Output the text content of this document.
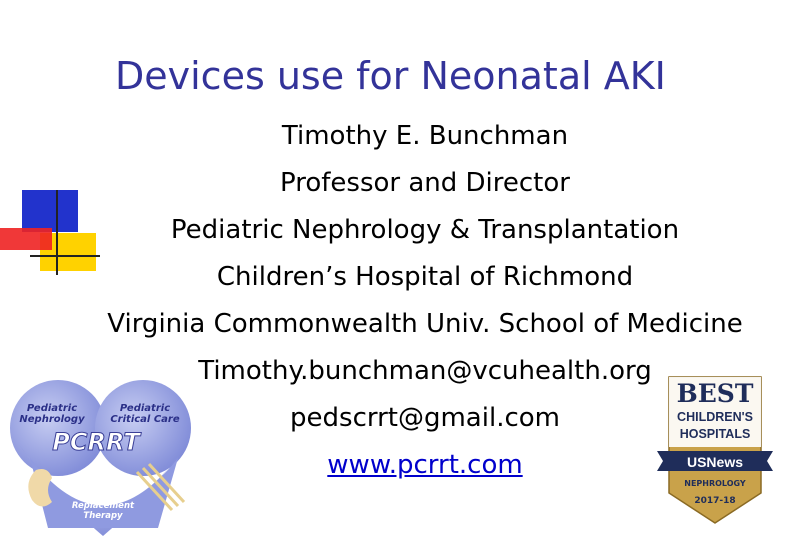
Devices use for Neonatal AKI
Timothy E. Bunchman
Professor and Director
Pediatric Nephrology & Transplantation
Children’s Hospital of Richmond
Virginia Commonwealth Univ. School of Medicine
Timothy.bunchman@vcuhealth.org
pedscrrt@gmail.com
www.pcrrt.com
Pediatric
Nephrology
Pediatric
Critical Care
PCRRT
Pediatric
Continuous
Renal
Replacement
Therapy
BEST
CHILDREN'S
HOSPITALS
USNews
NEPHROLOGY
2017-18
